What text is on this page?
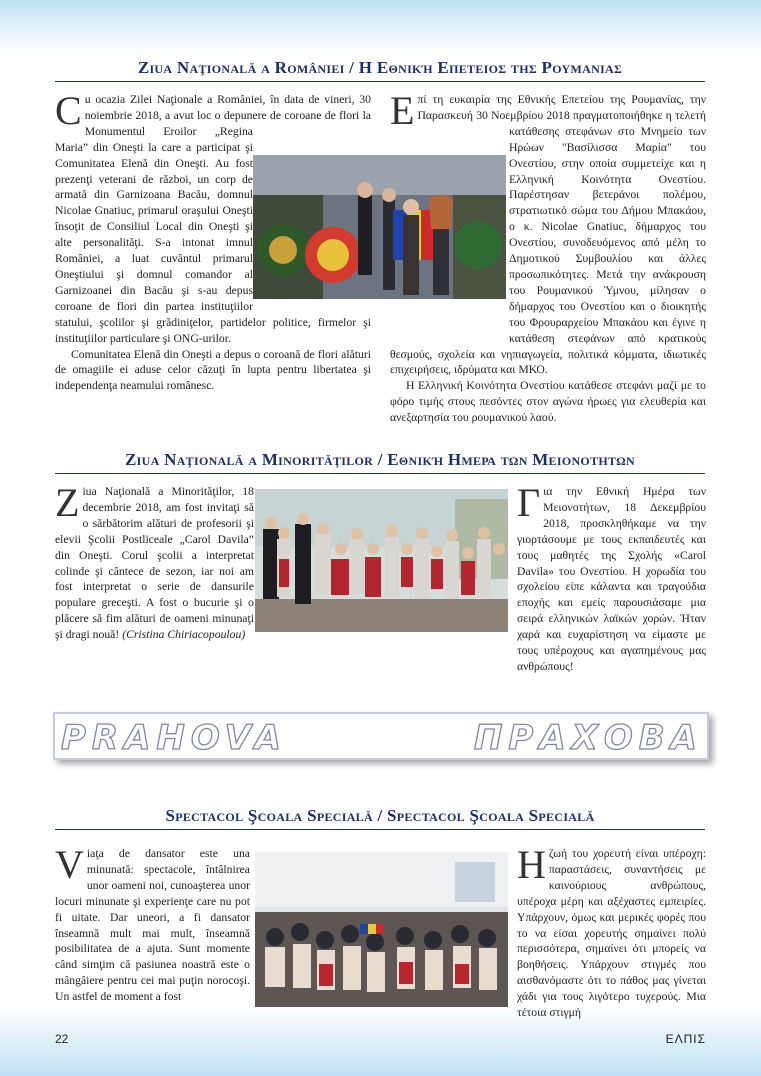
Ziua Naţională a României / Η Εθνική Επετειος της Ρουμανιας

C u ocazia Zilei Naţionale a României, în data de vineri, 30 noiembrie 2018, a avut loc o depunere de coroane de flori la Monumentul Eroilor „Regina Maria” din Oneşti la care a participat şi Comunitatea Elenă din Oneşti. Au fost prezenţi veterani de război, un corp de armată din Garnizoana Bacău, domnul Nicolae Gnatiuc, primarul oraşului Oneşti însoţit de Consiliul Local din Oneşti şi alte personalităţi. S-a intonat imnul României, a luat cuvântul primarul Oneştiului şi domnul comandor al Garnizoanei din Bacău şi s-au depus coroane de flori din partea instituţiilor statului, şcolilor şi grădiniţelor, partidelor politice, firmelor şi instituţiilor particulare şi ONG-urilor.

Comunitatea Elenă din Oneşti a depus o coroană de flori alături de omagiile ei aduse celor căzuţi în lupta pentru libertatea şi independenţa neamului românesc.

Ε πί τη ευκαιρία της Εθνικής Επετείου της Ρουμανίας, την Παρασκευή 30 Νοεμβρίου 2018 πραγματοποιήθηκε η τελετή κατάθεσης στεφάνων στο Μνημείο των Ηρώων "Βασίλισσα Μαρία" του Ονεστίου, στην οποία συμμετείχε και η Ελληνική Κοινότητα Ονεστίου. Παρέστησαν βετεράνοι πολέμου, στρατιωτικό σώμα του Δήμου Μπακάου, ο κ. Nicolae Gnatiuc, δήμαρχος του Ονεστίου, συνοδευόμενος από μέλη το Δημοτικού Συμβουλίου και άλλες προσωπικότητες. Μετά την ανάκρουση του Ρουμανικού Ύμνου, μίλησαν ο δήμαρχος του Ονεστίου και ο διοικητής του Φρουραρχείου Μπακάου και έγινε η κατάθεση στεφάνων από κρατικούς θεσμούς, σχολεία και νηπιαγωγεία, πολιτικά κόμματα, ιδιωτικές επιχειρήσεις, ιδρύματα και ΜΚΟ.

Η Ελληνική Κοινότητα Ονεστίου κατάθεσε στεφάνι μαζί με το φόρο τιμής στους πεσόντες στον αγώνα ήρωες για ελευθερία και ανεξαρτησία του ρουμανικού λαού.

Ziua Naţională a Minorităţilor / Εθνική Ημερα των Μειονοτητων

Z iua Naţională a Minorităţilor, 18 decembrie 2018, am fost invitaţi să o sărbătorim alături de profesorii şi elevii Şcolii Postliceale „Carol Davila” din Oneşti. Corul şcolii a interpretat colinde şi cântece de sezon, iar noi am fost interpretat o serie de dansurile populare greceşti. A fost o bucurie şi o plăcere să fim alături de oameni minunaţi şi dragi nouă! (Cristina Chiriacopoulou)

Γ ια την Εθνική Ημέρα των Μειονοτήτων, 18 Δεκεμβρίου 2018, προσκληθήκαμε να την γιορτάσουμε με τους εκπαιδευτές και τους μαθητές της Σχολής «Carol Davila» του Ονεστίου. Η χορωδία του σχολείου είπε κάλαντα και τραγούδια εποχής και εμείς παρουσιάσαμε μια σειρά ελληνικών λαϊκών χορών. Ήταν χαρά και ευχαρίστηση να είμαστε με τους υπέροχους και αγαπημένους μας ανθρώπους!

PRAHOVA	ΠΡΑΧΟΒΑ
Spectacol Şcoala Specială / Spectacol Şcoala Specială

V iaţa de dansator este una minunată: spectacole, întâlnirea unor oameni noi, cunoaşterea unor locuri minunate şi experienţe care nu pot fi uitate. Dar uneori, a fi dansator înseamnă mult mai mult, înseamnă posibilitatea de a ajuta. Sunt momente când simţim că pasiunea noastră este o mângâiere pentru cei mai puţin norocoşi. Un astfel de moment a fost

Η ζωή του χορευτή είναι υπέροχη: παραστάσεις, συναντήσεις με καινούριους ανθρώπους, υπέροχα μέρη και αξέχαστες εμπειρίες. Υπάρχουν, όμως και μερικές φορές που το να είσαι χορευτής σημαίνει πολύ περισσότερα, σημαίνει ότι μπορείς να βοηθήσεις. Υπάρχουν στιγμές που αισθανόμαστε ότι το πάθος μας γίνεται χάδι για τους λιγότερο τυχερούς. Μια τέτοια στιγμή

22	ΕΛΠΙΣ
